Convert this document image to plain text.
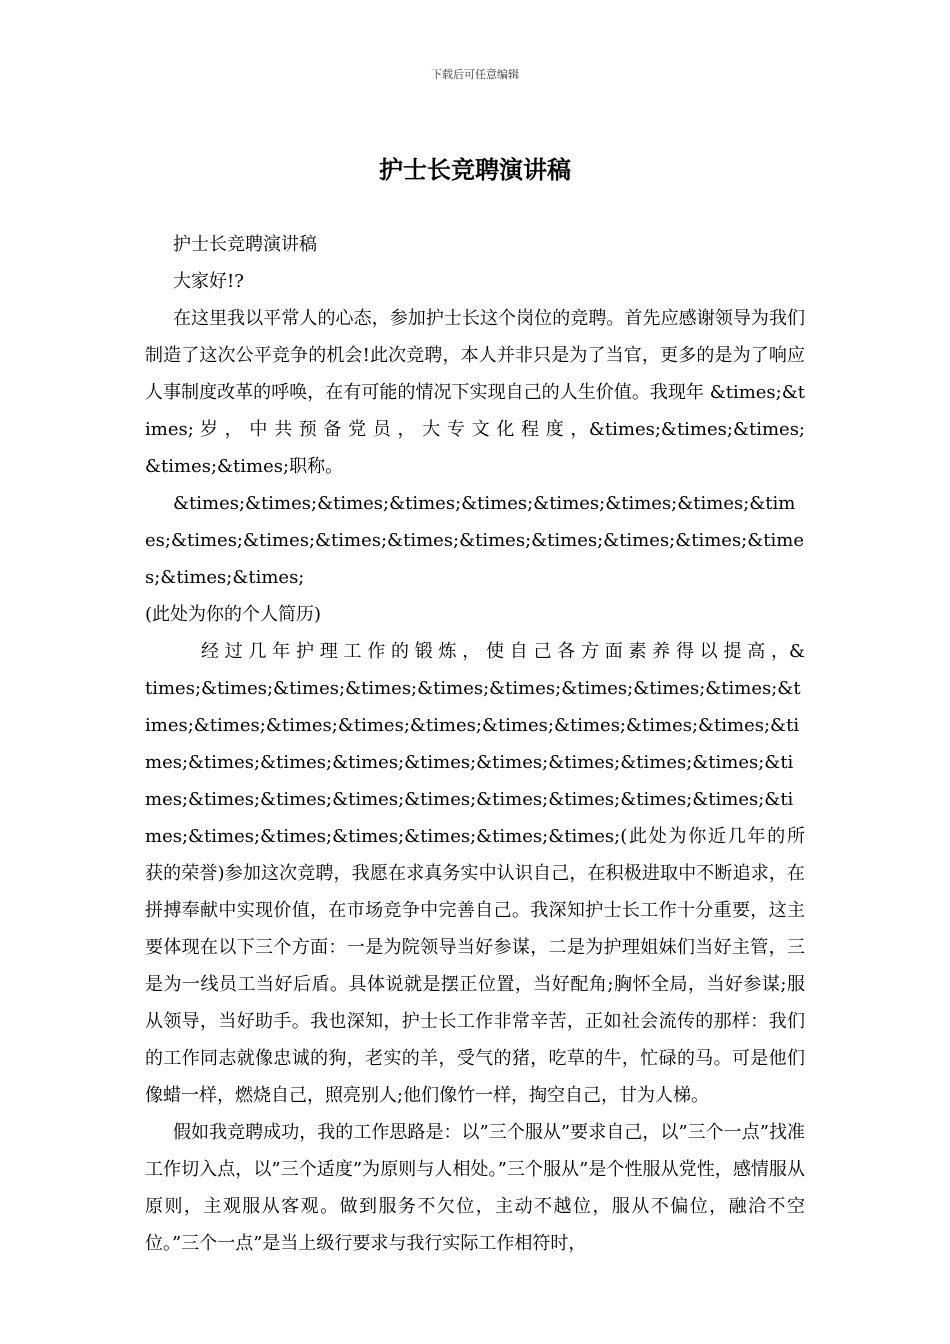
下载后可任意编辑
护士长竞聘演讲稿

护士长竞聘演讲稿

大家好!?

在这里我以平常人的心态，参加护士长这个岗位的竞聘。首先应感谢领导为我们制造了这次公平竞争的机会!此次竞聘，本人并非只是为了当官，更多的是为了响应人事制度改革的呼唤，在有可能的情况下实现自己的人生价值。我现年 &times;&times; 岁 ， 中 共 预 备 党 员 ， 大 专 文 化 程 度 ，&times;&times;&times;&times;&times;职称。

&times;&times;&times;&times;&times;&times;&times;&times;&times;&times;&times;&times;&times;&times;&times;&times;&times;&times;&times;&times;

(此处为你的个人简历)

经 过 几 年 护 理 工 作 的 锻 炼 ， 使 自 己 各 方 面 素 养 得 以 提 高 ，&times;&times;&times;&times;&times;&times;&times;&times;&times;&times;&times;&times;&times;&times;&times;&times;&times;&times;&times;&times;&times;&times;&times;&times;&times;&times;&times;&times;&times;&times;&times;&times;&times;&times;&times;&times;&times;&times;&times;&times;&times;&times;&times;(此处为你近几年的所获的荣誉)参加这次竞聘，我愿在求真务实中认识自己，在积极进取中不断追求，在拼搏奉献中实现价值，在市场竞争中完善自己。我深知护士长工作十分重要，这主要体现在以下三个方面：一是为院领导当好参谋，二是为护理姐妹们当好主管，三是为一线员工当好后盾。具体说就是摆正位置，当好配角;胸怀全局，当好参谋;服从领导，当好助手。我也深知，护士长工作非常辛苦，正如社会流传的那样：我们的工作同志就像忠诚的狗，老实的羊，受气的猪，吃草的牛，忙碌的马。可是他们像蜡一样，燃烧自己，照亮别人;他们像竹一样，掏空自己，甘为人梯。

假如我竞聘成功，我的工作思路是：以”三个服从”要求自己，以”三个一点”找准工作切入点，以”三个适度”为原则与人相处。”三个服从”是个性服从党性，感情服从原则，主观服从客观。做到服务不欠位，主动不越位，服从不偏位，融洽不空位。”三个一点”是当上级行要求与我行实际工作相符时，
